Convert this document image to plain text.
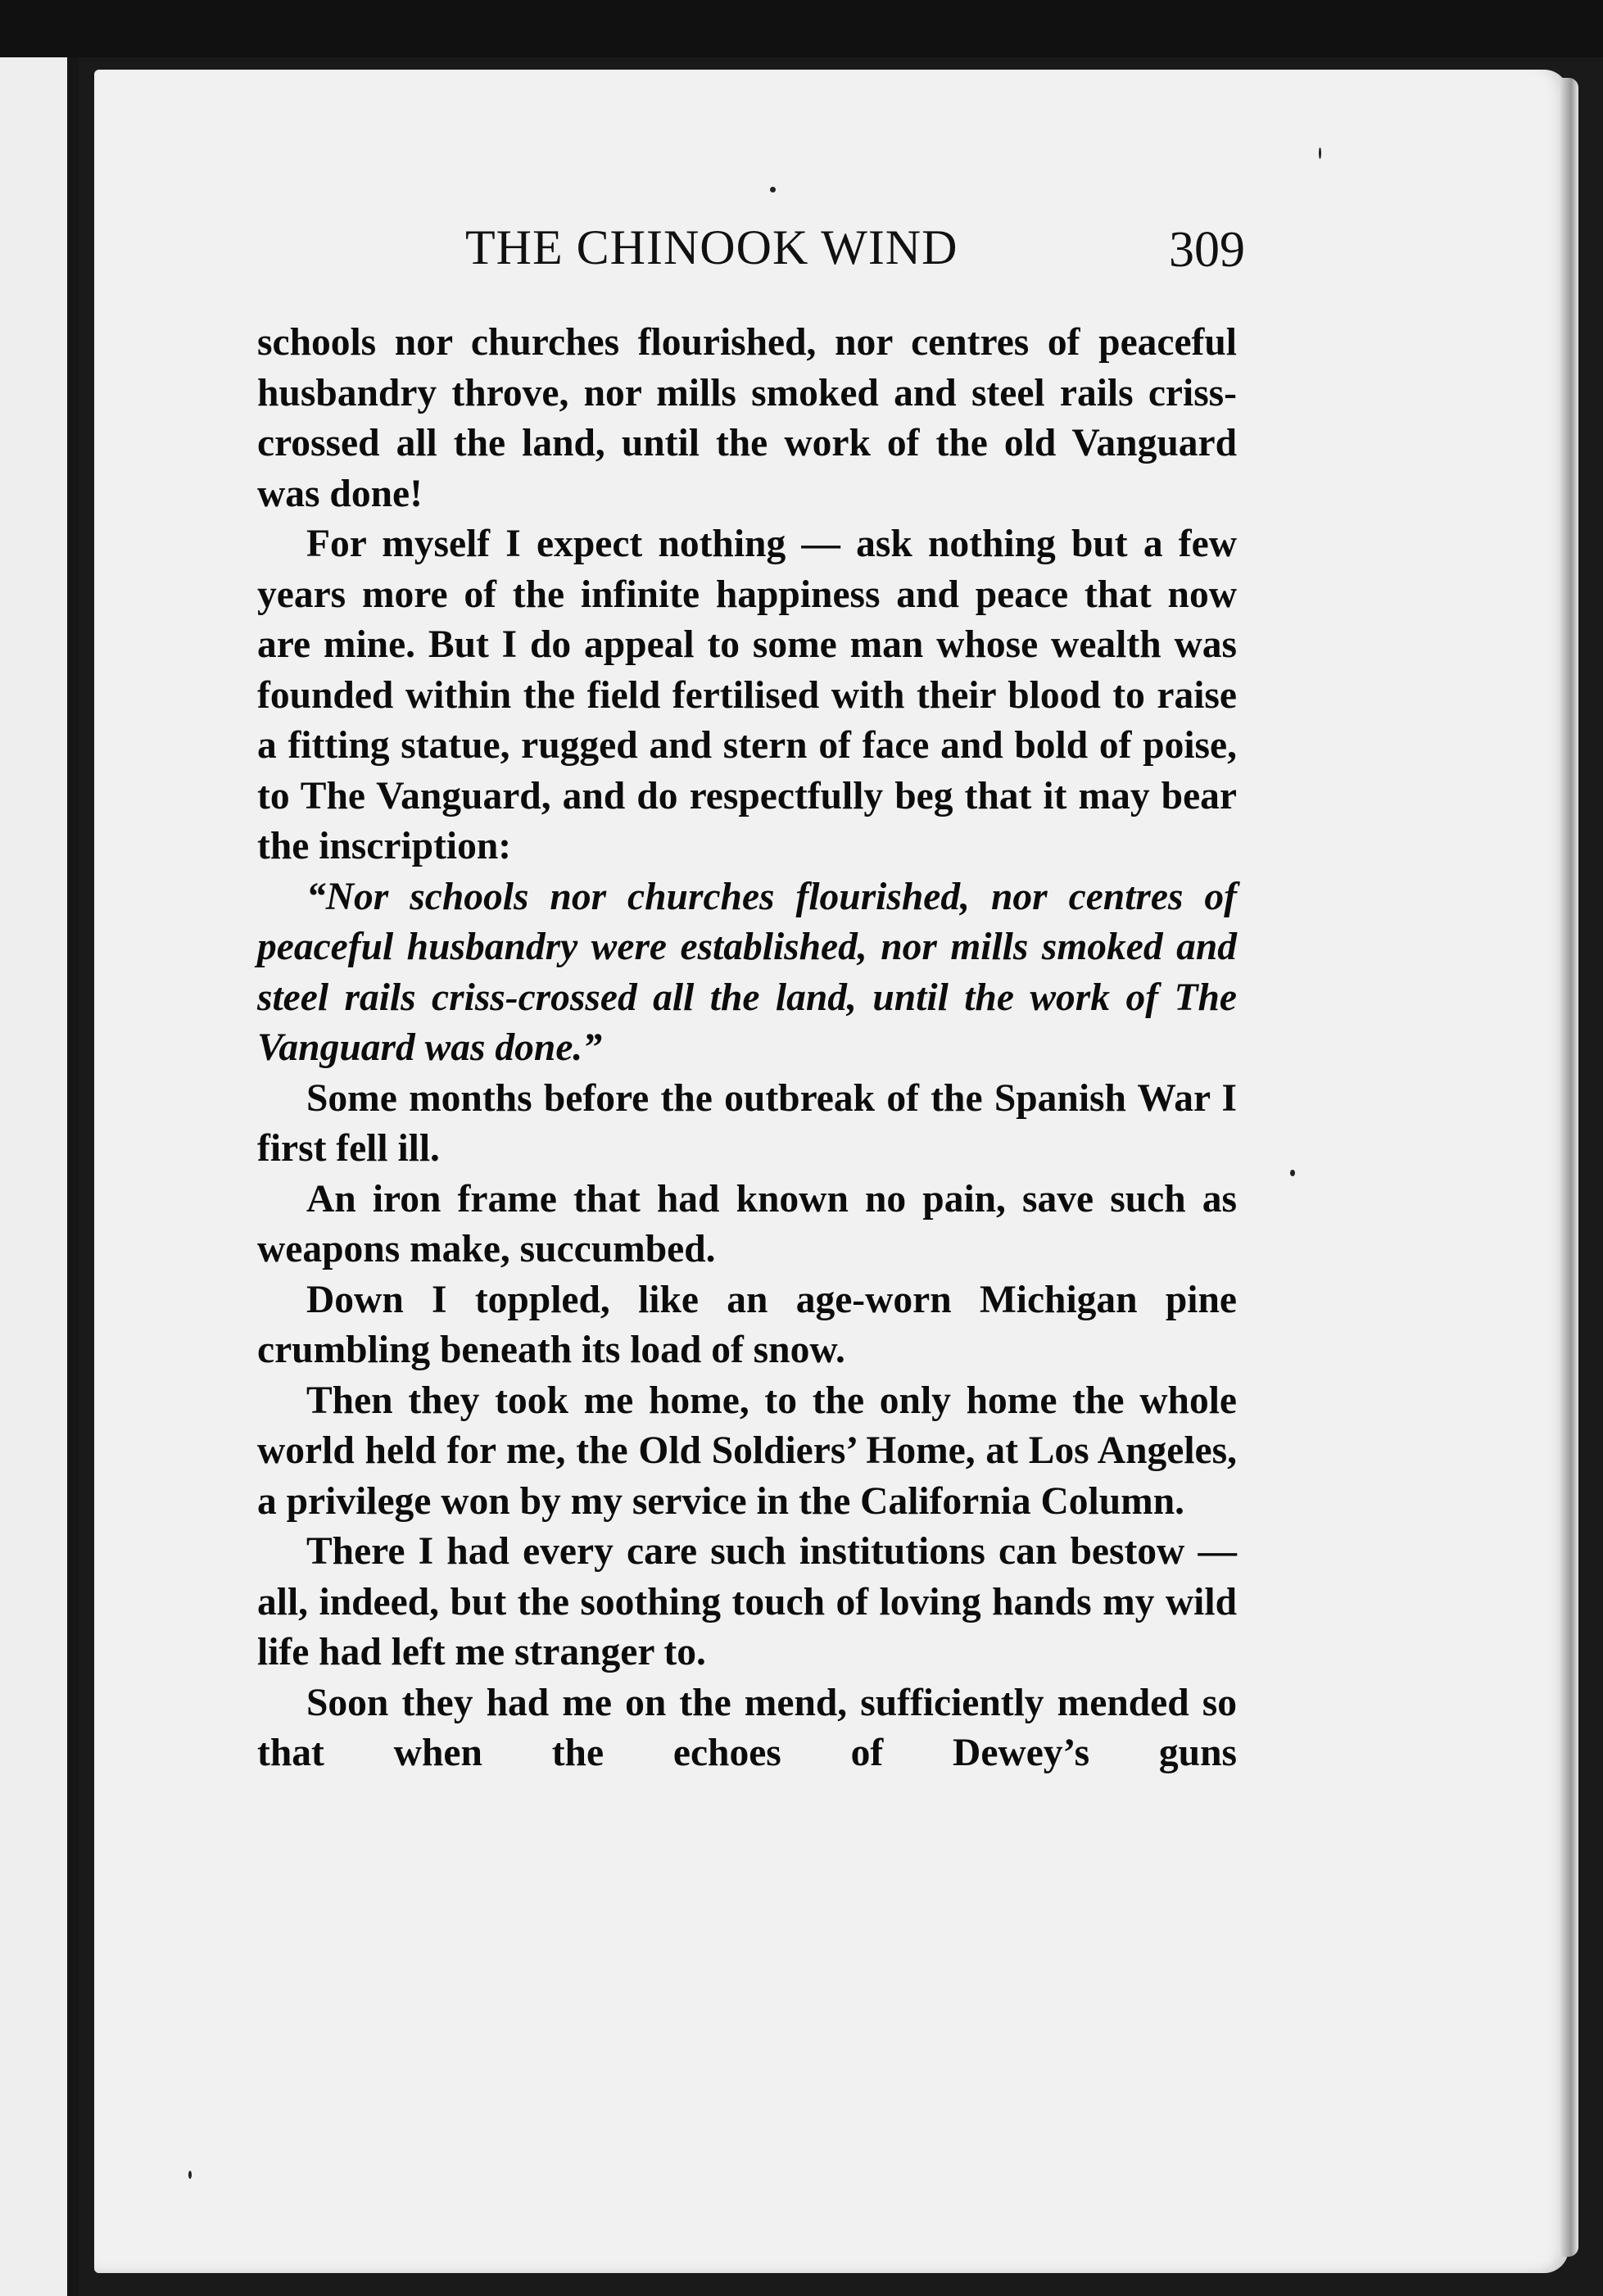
THE CHINOOK WIND	309

schools nor churches flourished, nor centres of peaceful husbandry throve, nor mills smoked and steel rails criss-crossed all the land, until the work of the old Vanguard was done!

For myself I expect nothing — ask nothing but a few years more of the infinite happiness and peace that now are mine. But I do appeal to some man whose wealth was founded within the field fertilised with their blood to raise a fitting statue, rugged and stern of face and bold of poise, to The Vanguard, and do respectfully beg that it may bear the inscription:

“Nor schools nor churches flourished, nor centres of peaceful husbandry were established, nor mills smoked and steel rails criss-crossed all the land, until the work of The Vanguard was done.”

Some months before the outbreak of the Spanish War I first fell ill.

An iron frame that had known no pain, save such as weapons make, succumbed.

Down I toppled, like an age-worn Michigan pine crumbling beneath its load of snow.

Then they took me home, to the only home the whole world held for me, the Old Soldiers’ Home, at Los Angeles, a privilege won by my service in the California Column.

There I had every care such institutions can bestow — all, indeed, but the soothing touch of loving hands my wild life had left me stranger to.

Soon they had me on the mend, sufficiently mended so that when the echoes of Dewey’s guns
